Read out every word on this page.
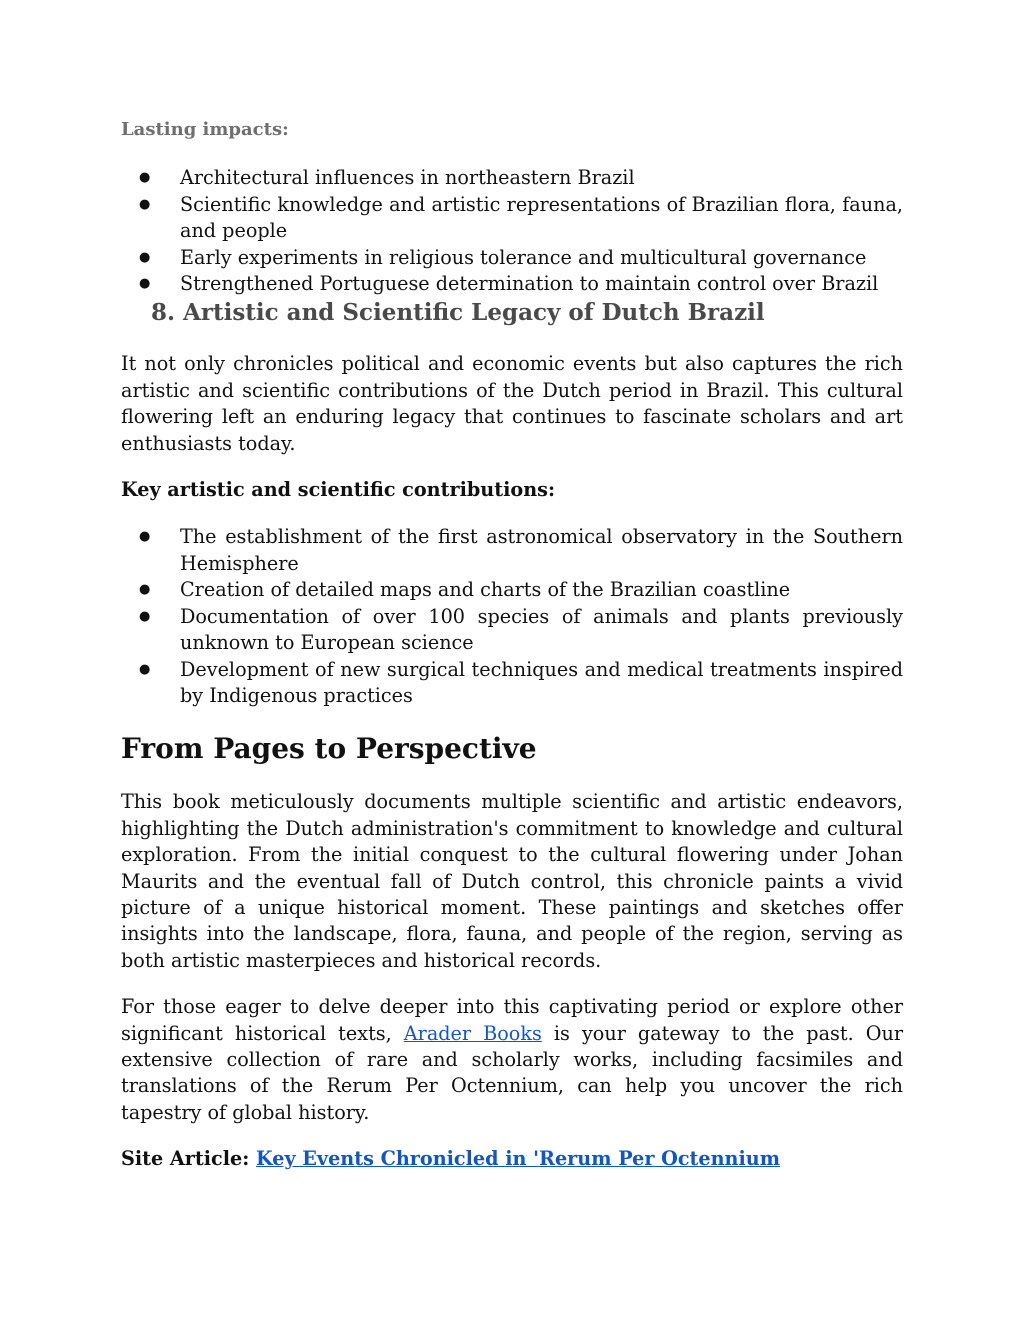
Lasting impacts:
● Architectural influences in northeastern Brazil
● Scientific knowledge and artistic representations of Brazilian flora, fauna, and people
● Early experiments in religious tolerance and multicultural governance
● Strengthened Portuguese determination to maintain control over Brazil
8. Artistic and Scientific Legacy of Dutch Brazil

It not only chronicles political and economic events but also captures the rich artistic and scientific contributions of the Dutch period in Brazil. This cultural flowering left an enduring legacy that continues to fascinate scholars and art enthusiasts today.

Key artistic and scientific contributions:
● The establishment of the first astronomical observatory in the Southern Hemisphere
● Creation of detailed maps and charts of the Brazilian coastline
● Documentation of over 100 species of animals and plants previously unknown to European science
● Development of new surgical techniques and medical treatments inspired by Indigenous practices
From Pages to Perspective

This book meticulously documents multiple scientific and artistic endeavors, highlighting the Dutch administration's commitment to knowledge and cultural exploration. From the initial conquest to the cultural flowering under Johan Maurits and the eventual fall of Dutch control, this chronicle paints a vivid picture of a unique historical moment. These paintings and sketches offer insights into the landscape, flora, fauna, and people of the region, serving as both artistic masterpieces and historical records.

For those eager to delve deeper into this captivating period or explore other significant historical texts, Arader Books is your gateway to the past. Our extensive collection of rare and scholarly works, including facsimiles and translations of the Rerum Per Octennium, can help you uncover the rich tapestry of global history.

Site Article: Key Events Chronicled in 'Rerum Per Octennium
